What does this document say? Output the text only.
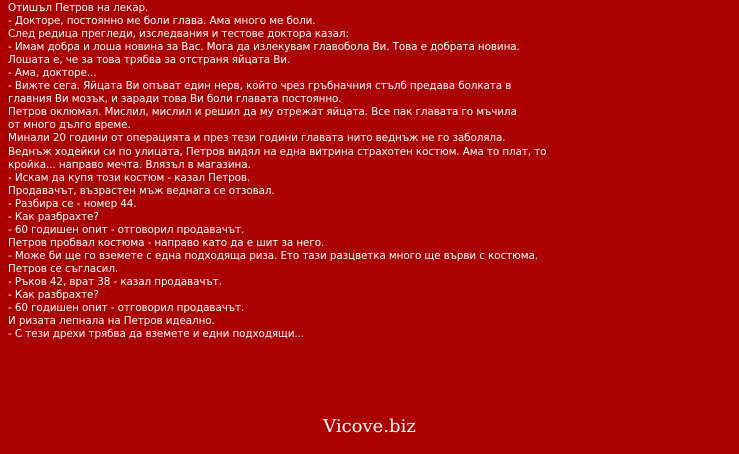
Отишъл Петров на лекар.
- Докторе, постоянно ме боли глава. Ама много ме боли.
След редица прегледи, изследвания и тестове доктора казал:
- Имам добра и лоша новина за Вас. Мога да излекувам главобола Ви. Това е добрата новина.
Лошата е, че за това трябва за отстраня яйцата Ви.
- Ама, докторе...
- Вижте сега. Яйцата Ви опъват един нерв, който чрез гръбначния стълб предава болката в
главния Ви мозък, и заради това Ви боли главата постоянно.
Петров оклюмал. Мислил, мислил и решил да му отрежат яйцата. Все пак главата го мъчила
от много дълго време.
Минали 20 години от операцията и през тези години главата нито веднъж не го заболяла.
Веднъж ходейки си по улицата, Петров видял на една витрина страхотен костюм. Ама то плат, то
кройка... направо мечта. Влязъл в магазина.
- Искам да купя този костюм - казал Петров.
Продавачът, възрастен мъж веднага се отзовал.
- Разбира се - номер 44.
- Как разбрахте?
- 60 годишен опит - отговорил продавачът.
Петров пробвал костюма - направо като да е шит за него.
- Може би ще го вземете с една подходяща риза. Ето тази разцветка много ще върви с костюма.
Петров се съгласил.
- Ръков 42, врат 38 - казал продавачът.
- Как разбрахте?
- 60 годишен опит - отговорил продавачът.
И ризата лепнала на Петров идеално.
- С тези дрехи трябва да вземете и едни подходящи...
Vicove.biz
